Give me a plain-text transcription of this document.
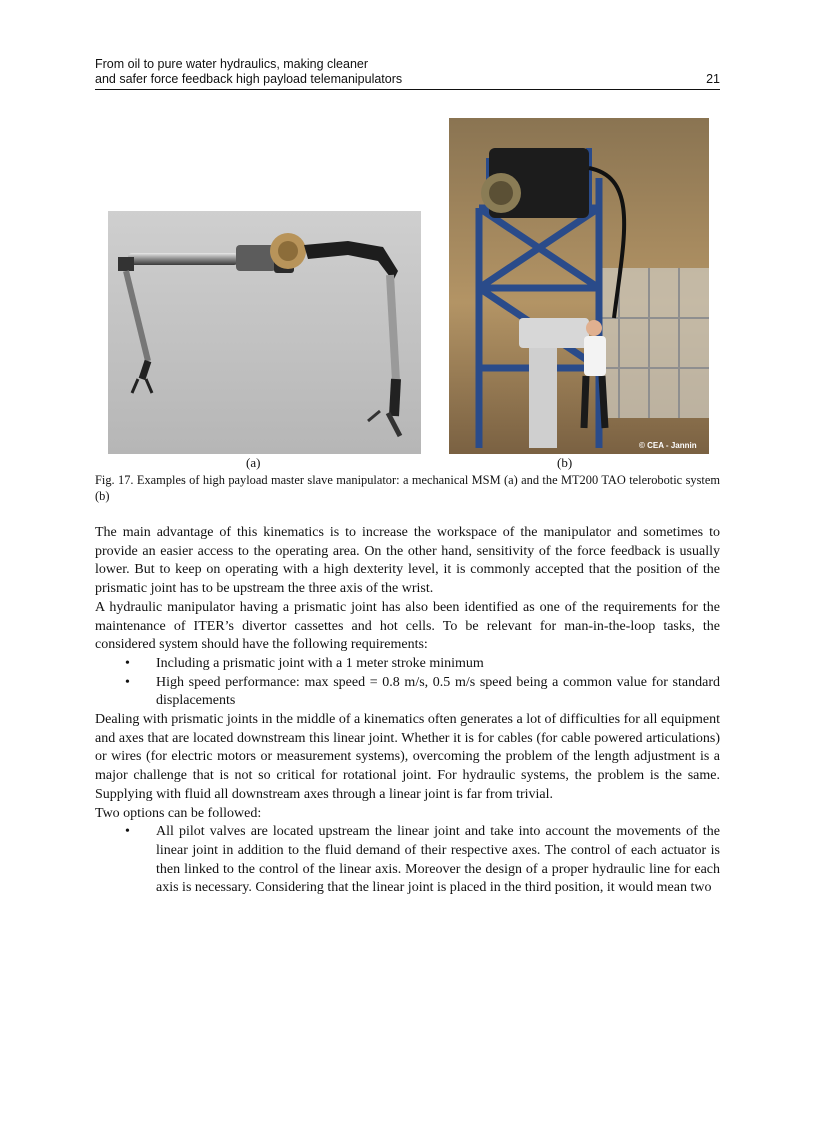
From oil to pure water hydraulics, making cleaner
and safer force feedback high payload telemanipulators	21
© CEA - Jannin
(a)	(b)
Fig. 17. Examples of high payload master slave manipulator: a mechanical MSM (a) and the MT200 TAO telerobotic system (b)

The main advantage of this kinematics is to increase the workspace of the manipulator and sometimes to provide an easier access to the operating area. On the other hand, sensitivity of the force feedback is usually lower. But to keep on operating with a high dexterity level, it is commonly accepted that the position of the prismatic joint has to be upstream the three axis of the wrist.

A hydraulic manipulator having a prismatic joint has also been identified as one of the requirements for the maintenance of ITER’s divertor cassettes and hot cells. To be relevant for man-in-the-loop tasks, the considered system should have the following requirements:

• Including a prismatic joint with a 1 meter stroke minimum
• High speed performance: max speed = 0.8 m/s, 0.5 m/s speed being a common value for standard displacements

Dealing with prismatic joints in the middle of a kinematics often generates a lot of difficulties for all equipment and axes that are located downstream this linear joint. Whether it is for cables (for cable powered articulations) or wires (for electric motors or measurement systems), overcoming the problem of the length adjustment is a major challenge that is not so critical for rotational joint. For hydraulic systems, the problem is the same. Supplying with fluid all downstream axes through a linear joint is far from trivial.

Two options can be followed:

• All pilot valves are located upstream the linear joint and take into account the movements of the linear joint in addition to the fluid demand of their respective axes. The control of each actuator is then linked to the control of the linear axis. Moreover the design of a proper hydraulic line for each axis is necessary. Considering that the linear joint is placed in the third position, it would mean two
